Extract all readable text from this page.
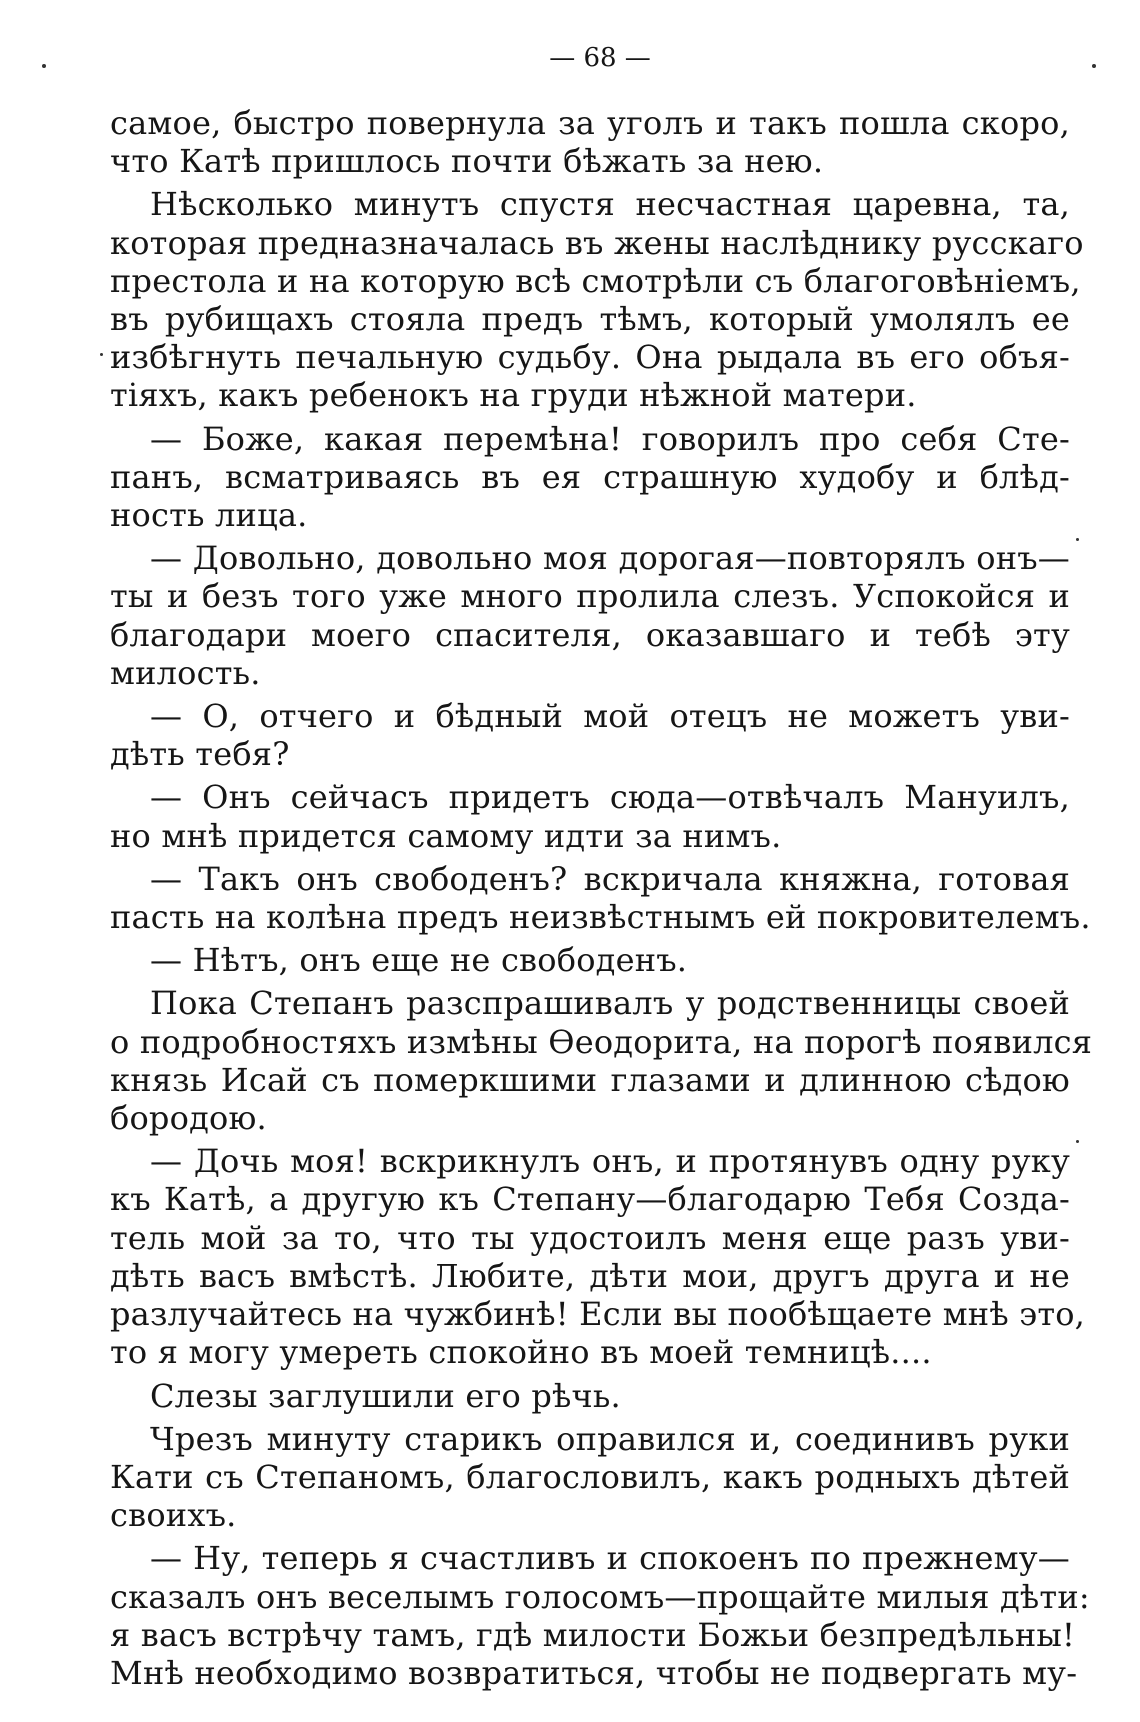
— 68 —
самое, быстро повернула за уголъ и такъ пошла скоро,
что Катѣ пришлось почти бѣжать за нею.
Нѣсколько минутъ спустя несчастная царевна, та,
которая предназначалась въ жены наслѣднику русскаго
престола и на которую всѣ смотрѣли съ благоговѣніемъ,
въ рубищахъ стояла предъ тѣмъ, который умолялъ ее
избѣгнуть печальную судьбу. Она рыдала въ его объя-
тіяхъ, какъ ребенокъ на груди нѣжной матери.
— Боже, какая перемѣна! говорилъ про себя Сте-
панъ, всматриваясь въ ея страшную худобу и блѣд-
ность лица.
— Довольно, довольно моя дорогая—повторялъ онъ—
ты и безъ того уже много пролила слезъ. Успокойся и
благодари моего спасителя, оказавшаго и тебѣ эту
милость.
— О, отчего и бѣдный мой отецъ не можетъ уви-
дѣть тебя?
— Онъ сейчасъ придетъ сюда—отвѣчалъ Мануилъ,
но мнѣ придется самому идти за нимъ.
— Такъ онъ свободенъ? вскричала княжна, готовая
пасть на колѣна предъ неизвѣстнымъ ей покровителемъ.
— Нѣтъ, онъ еще не свободенъ.
Пока Степанъ разспрашивалъ у родственницы своей
о подробностяхъ измѣны Өеодорита, на порогѣ появился
князь Исай съ померкшими глазами и длинною сѣдою
бородою.
— Дочь моя! вскрикнулъ онъ, и протянувъ одну руку
къ Катѣ, а другую къ Степану—благодарю Тебя Созда-
тель мой за то, что ты удостоилъ меня еще разъ уви-
дѣть васъ вмѣстѣ. Любите, дѣти мои, другъ друга и не
разлучайтесь на чужбинѣ! Если вы пообѣщаете мнѣ это,
то я могу умереть спокойно въ моей темницѣ....
Слезы заглушили его рѣчь.
Чрезъ минуту старикъ оправился и, соединивъ руки
Кати съ Степаномъ, благословилъ, какъ родныхъ дѣтей
своихъ.
— Ну, теперь я счастливъ и спокоенъ по прежнему—
сказалъ онъ веселымъ голосомъ—прощайте милыя дѣти:
я васъ встрѣчу тамъ, гдѣ милости Божьи безпредѣльны!
Мнѣ необходимо возвратиться, чтобы не подвергать му-
